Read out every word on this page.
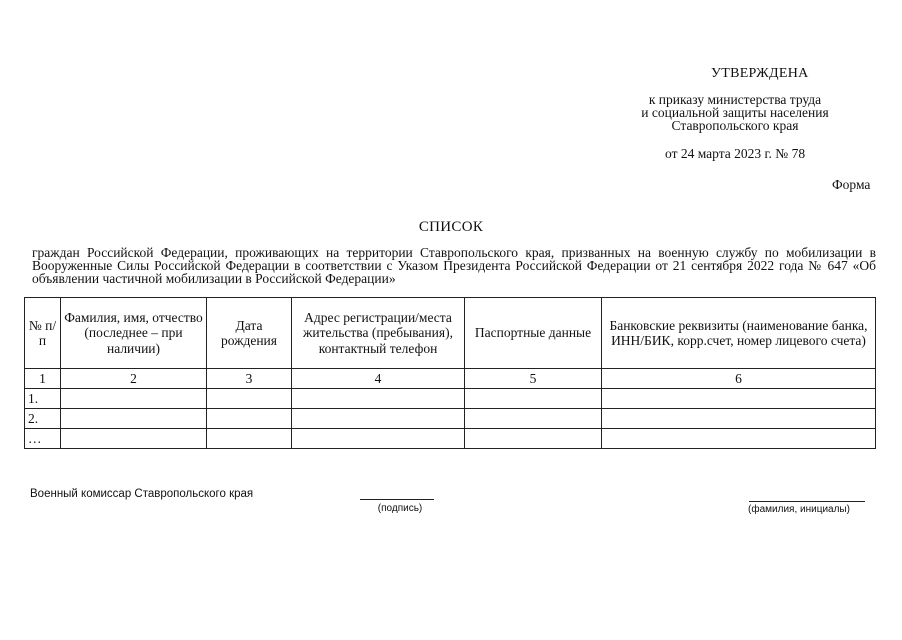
УТВЕРЖДЕНА
к приказу министерства труда
и социальной защиты населения
Ставропольского края
от 24 марта 2023 г. № 78
Форма
СПИСОК
граждан Российской Федерации, проживающих на территории Ставропольского края, призванных на военную службу по мобилизации в Вооруженные Силы Российской Федерации в соответствии с Указом Президента Российской Федерации от 21 сентября 2022 года № 647 «Об объявлении частичной мобилизации в Российской Федерации»
№ п/п	Фамилия, имя, отчество (последнее – при наличии)	Дата рождения	Адрес регистрации/места жительства (пребывания), контактный телефон	Паспортные данные	Банковские реквизиты (наименование банка, ИНН/БИК, корр.счет, номер лицевого счета)
1	2	3	4	5	6
1.					
2.					
…					
Военный комиссар Ставропольского края
(подпись)	(фамилия, инициалы)
